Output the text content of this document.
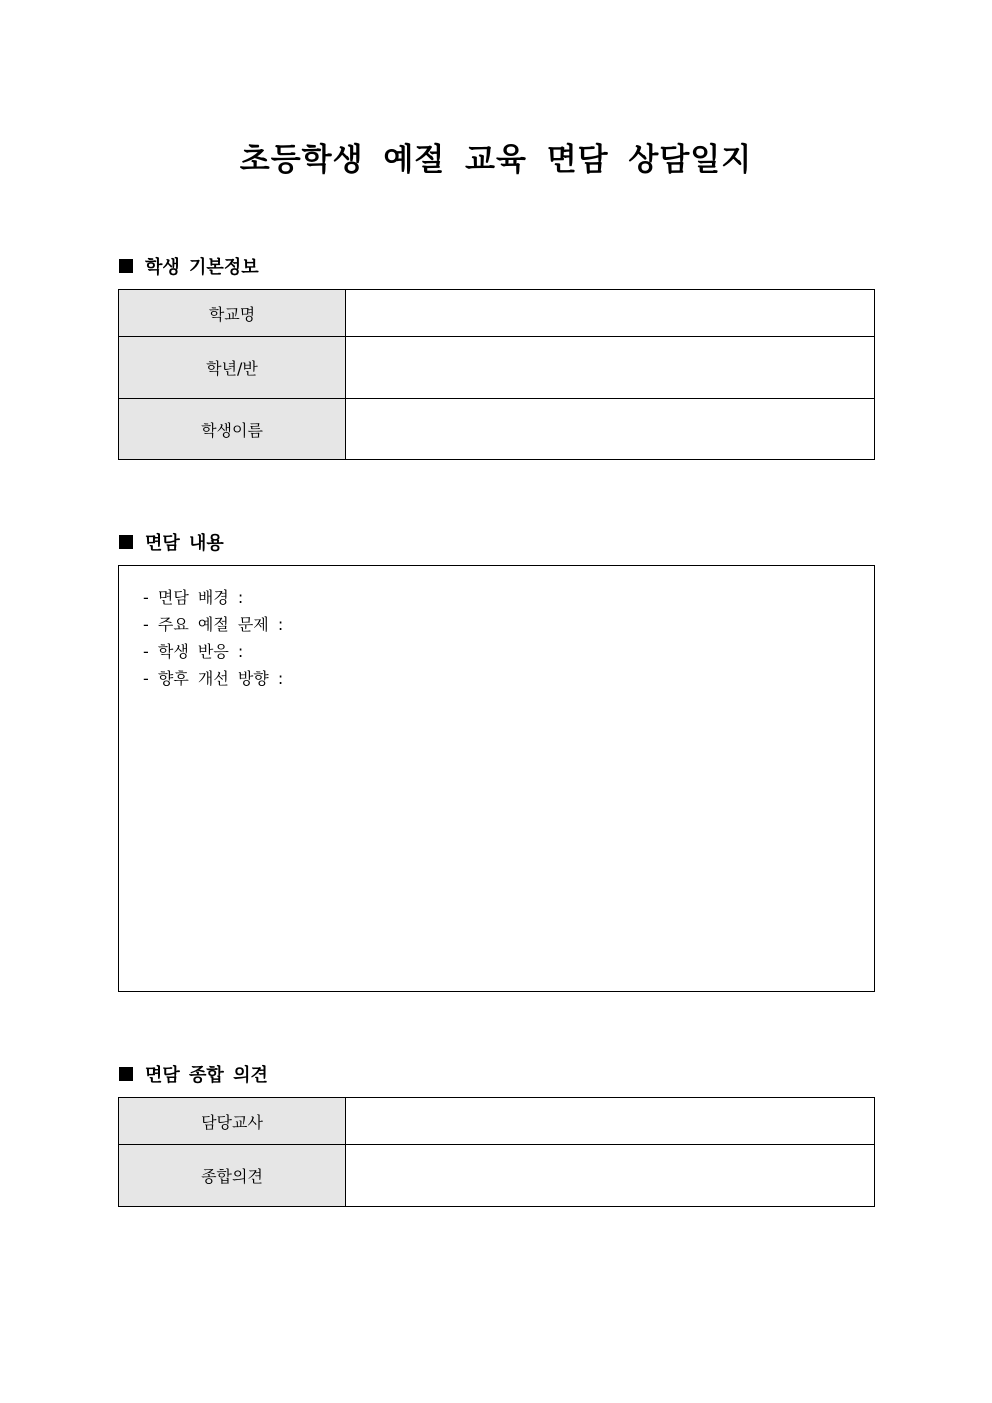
초등학생 예절 교육 면담 상담일지
학생 기본정보
학교명	
학년/반	
학생이름	
면담 내용
- 면담 배경 :
- 주요 예절 문제 :
- 학생 반응 :
- 향후 개선 방향 :
면담 종합 의견
담당교사	
종합의견	
